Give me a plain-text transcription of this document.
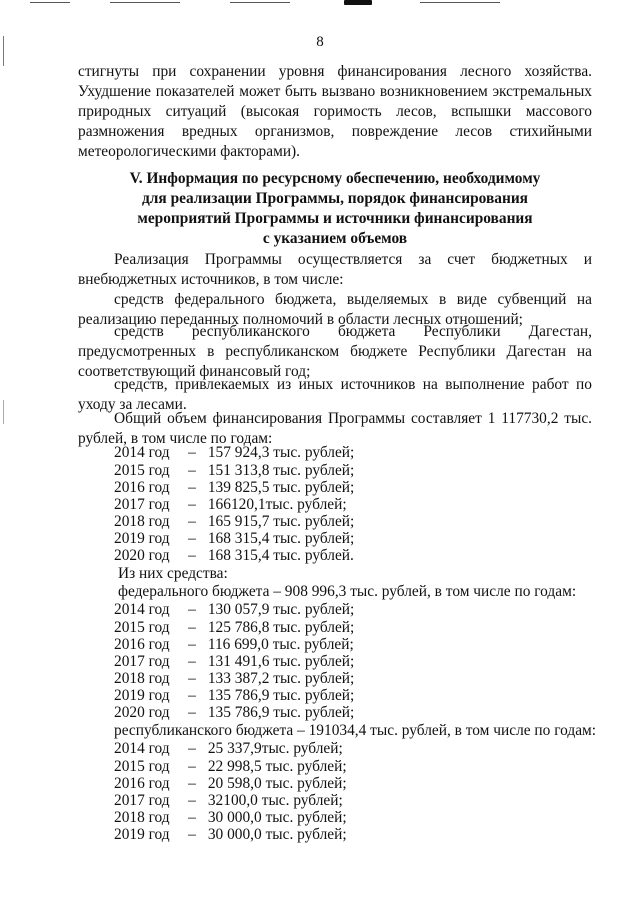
8

стигнуты при сохранении уровня финансирования лесного хозяйства. Ухудшение показателей может быть вызвано возникновением экстремальных природных ситуаций (высокая горимость лесов, вспышки массового размножения вредных организмов, повреждение лесов стихийными метеорологическими факторами).

V. Информация по ресурсному обеспечению, необходимому
для реализации Программы, порядок финансирования
мероприятий Программы и источники финансирования
с указанием объемов

Реализация Программы осуществляется за счет бюджетных и внебюджетных источников, в том числе:

средств федерального бюджета, выделяемых в виде субвенций на реализацию переданных полномочий в области лесных отношений;

средств республиканского бюджета Республики Дагестан, предусмотренных в республиканском бюджете Республики Дагестан на соответствующий финансовый год;

средств, привлекаемых из иных источников на выполнение работ по уходу за лесами.

Общий объем финансирования Программы составляет 1 117730,2 тыс. рублей, в том числе по годам:

2014 год – 157 924,3 тыс. рублей;
2015 год – 151 313,8 тыс. рублей;
2016 год – 139 825,5 тыс. рублей;
2017 год – 166120,1тыс. рублей;
2018 год – 165 915,7 тыс. рублей;
2019 год – 168 315,4 тыс. рублей;
2020 год – 168 315,4 тыс. рублей.
Из них средства:
федерального бюджета – 908 996,3 тыс. рублей, в том числе по годам:
2014 год – 130 057,9 тыс. рублей;
2015 год – 125 786,8 тыс. рублей;
2016 год – 116 699,0 тыс. рублей;
2017 год – 131 491,6 тыс. рублей;
2018 год – 133 387,2 тыс. рублей;
2019 год – 135 786,9 тыс. рублей;
2020 год – 135 786,9 тыс. рублей;
республиканского бюджета – 191034,4 тыс. рублей, в том числе по годам:
2014 год – 25 337,9тыс. рублей;
2015 год – 22 998,5 тыс. рублей;
2016 год – 20 598,0 тыс. рублей;
2017 год – 32100,0 тыс. рублей;
2018 год – 30 000,0 тыс. рублей;
2019 год – 30 000,0 тыс. рублей;
